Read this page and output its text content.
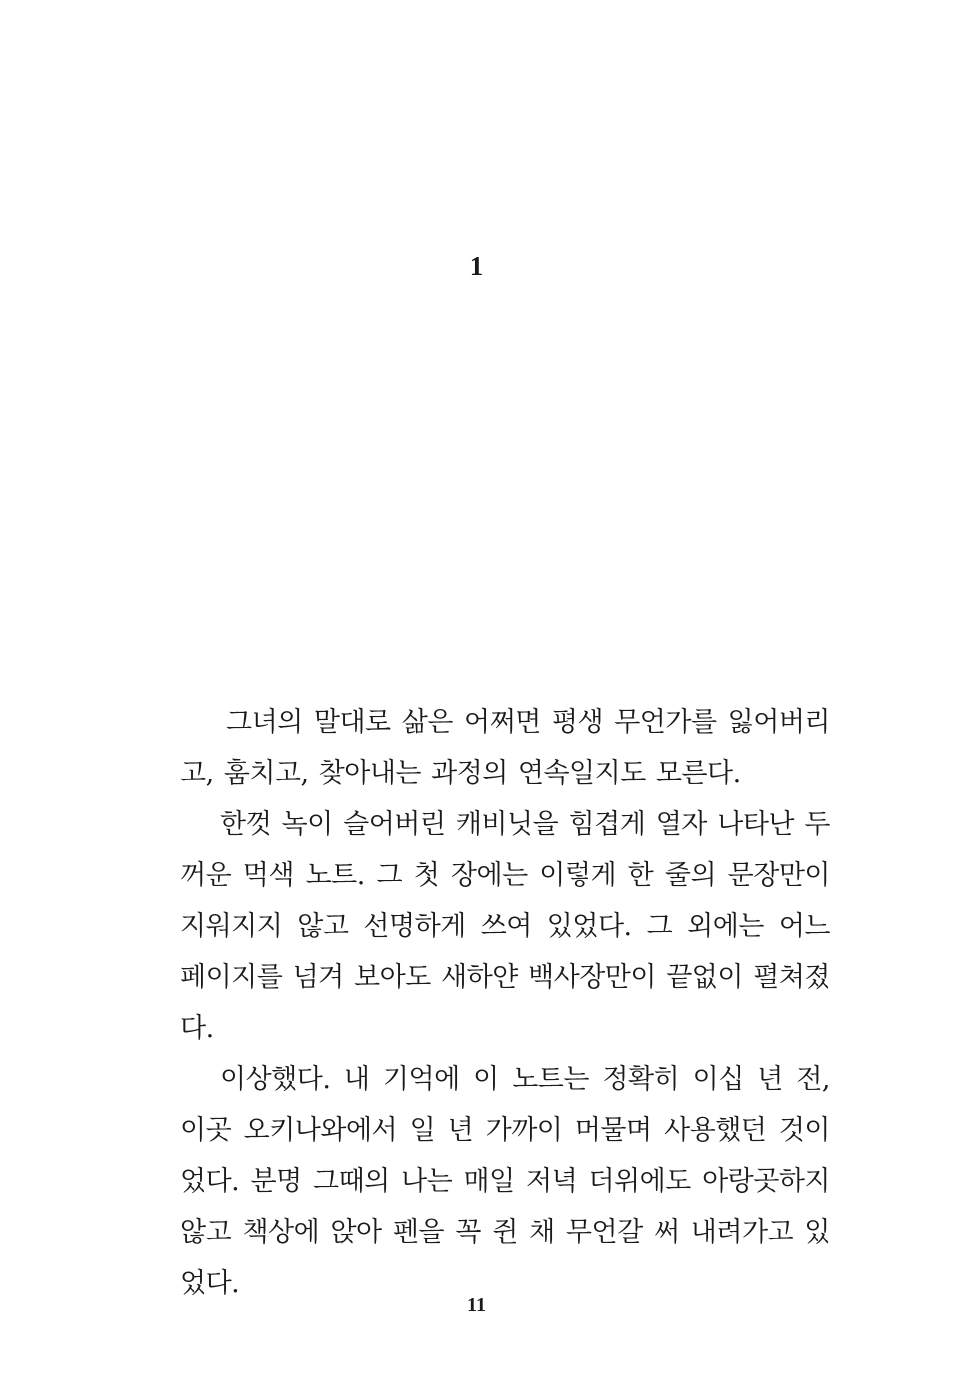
1

그녀의 말대로 삶은 어쩌면 평생 무언가를 잃어버리고, 훔치고, 찾아내는 과정의 연속일지도 모른다.

한껏 녹이 슬어버린 캐비닛을 힘겹게 열자 나타난 두꺼운 먹색 노트. 그 첫 장에는 이렇게 한 줄의 문장만이 지워지지 않고 선명하게 쓰여 있었다. 그 외에는 어느 페이지를 넘겨 보아도 새하얀 백사장만이 끝없이 펼쳐졌다.

이상했다. 내 기억에 이 노트는 정확히 이십 년 전, 이곳 오키나와에서 일 년 가까이 머물며 사용했던 것이었다. 분명 그때의 나는 매일 저녁 더위에도 아랑곳하지 않고 책상에 앉아 펜을 꼭 쥔 채 무언갈 써 내려가고 있었다.

11
